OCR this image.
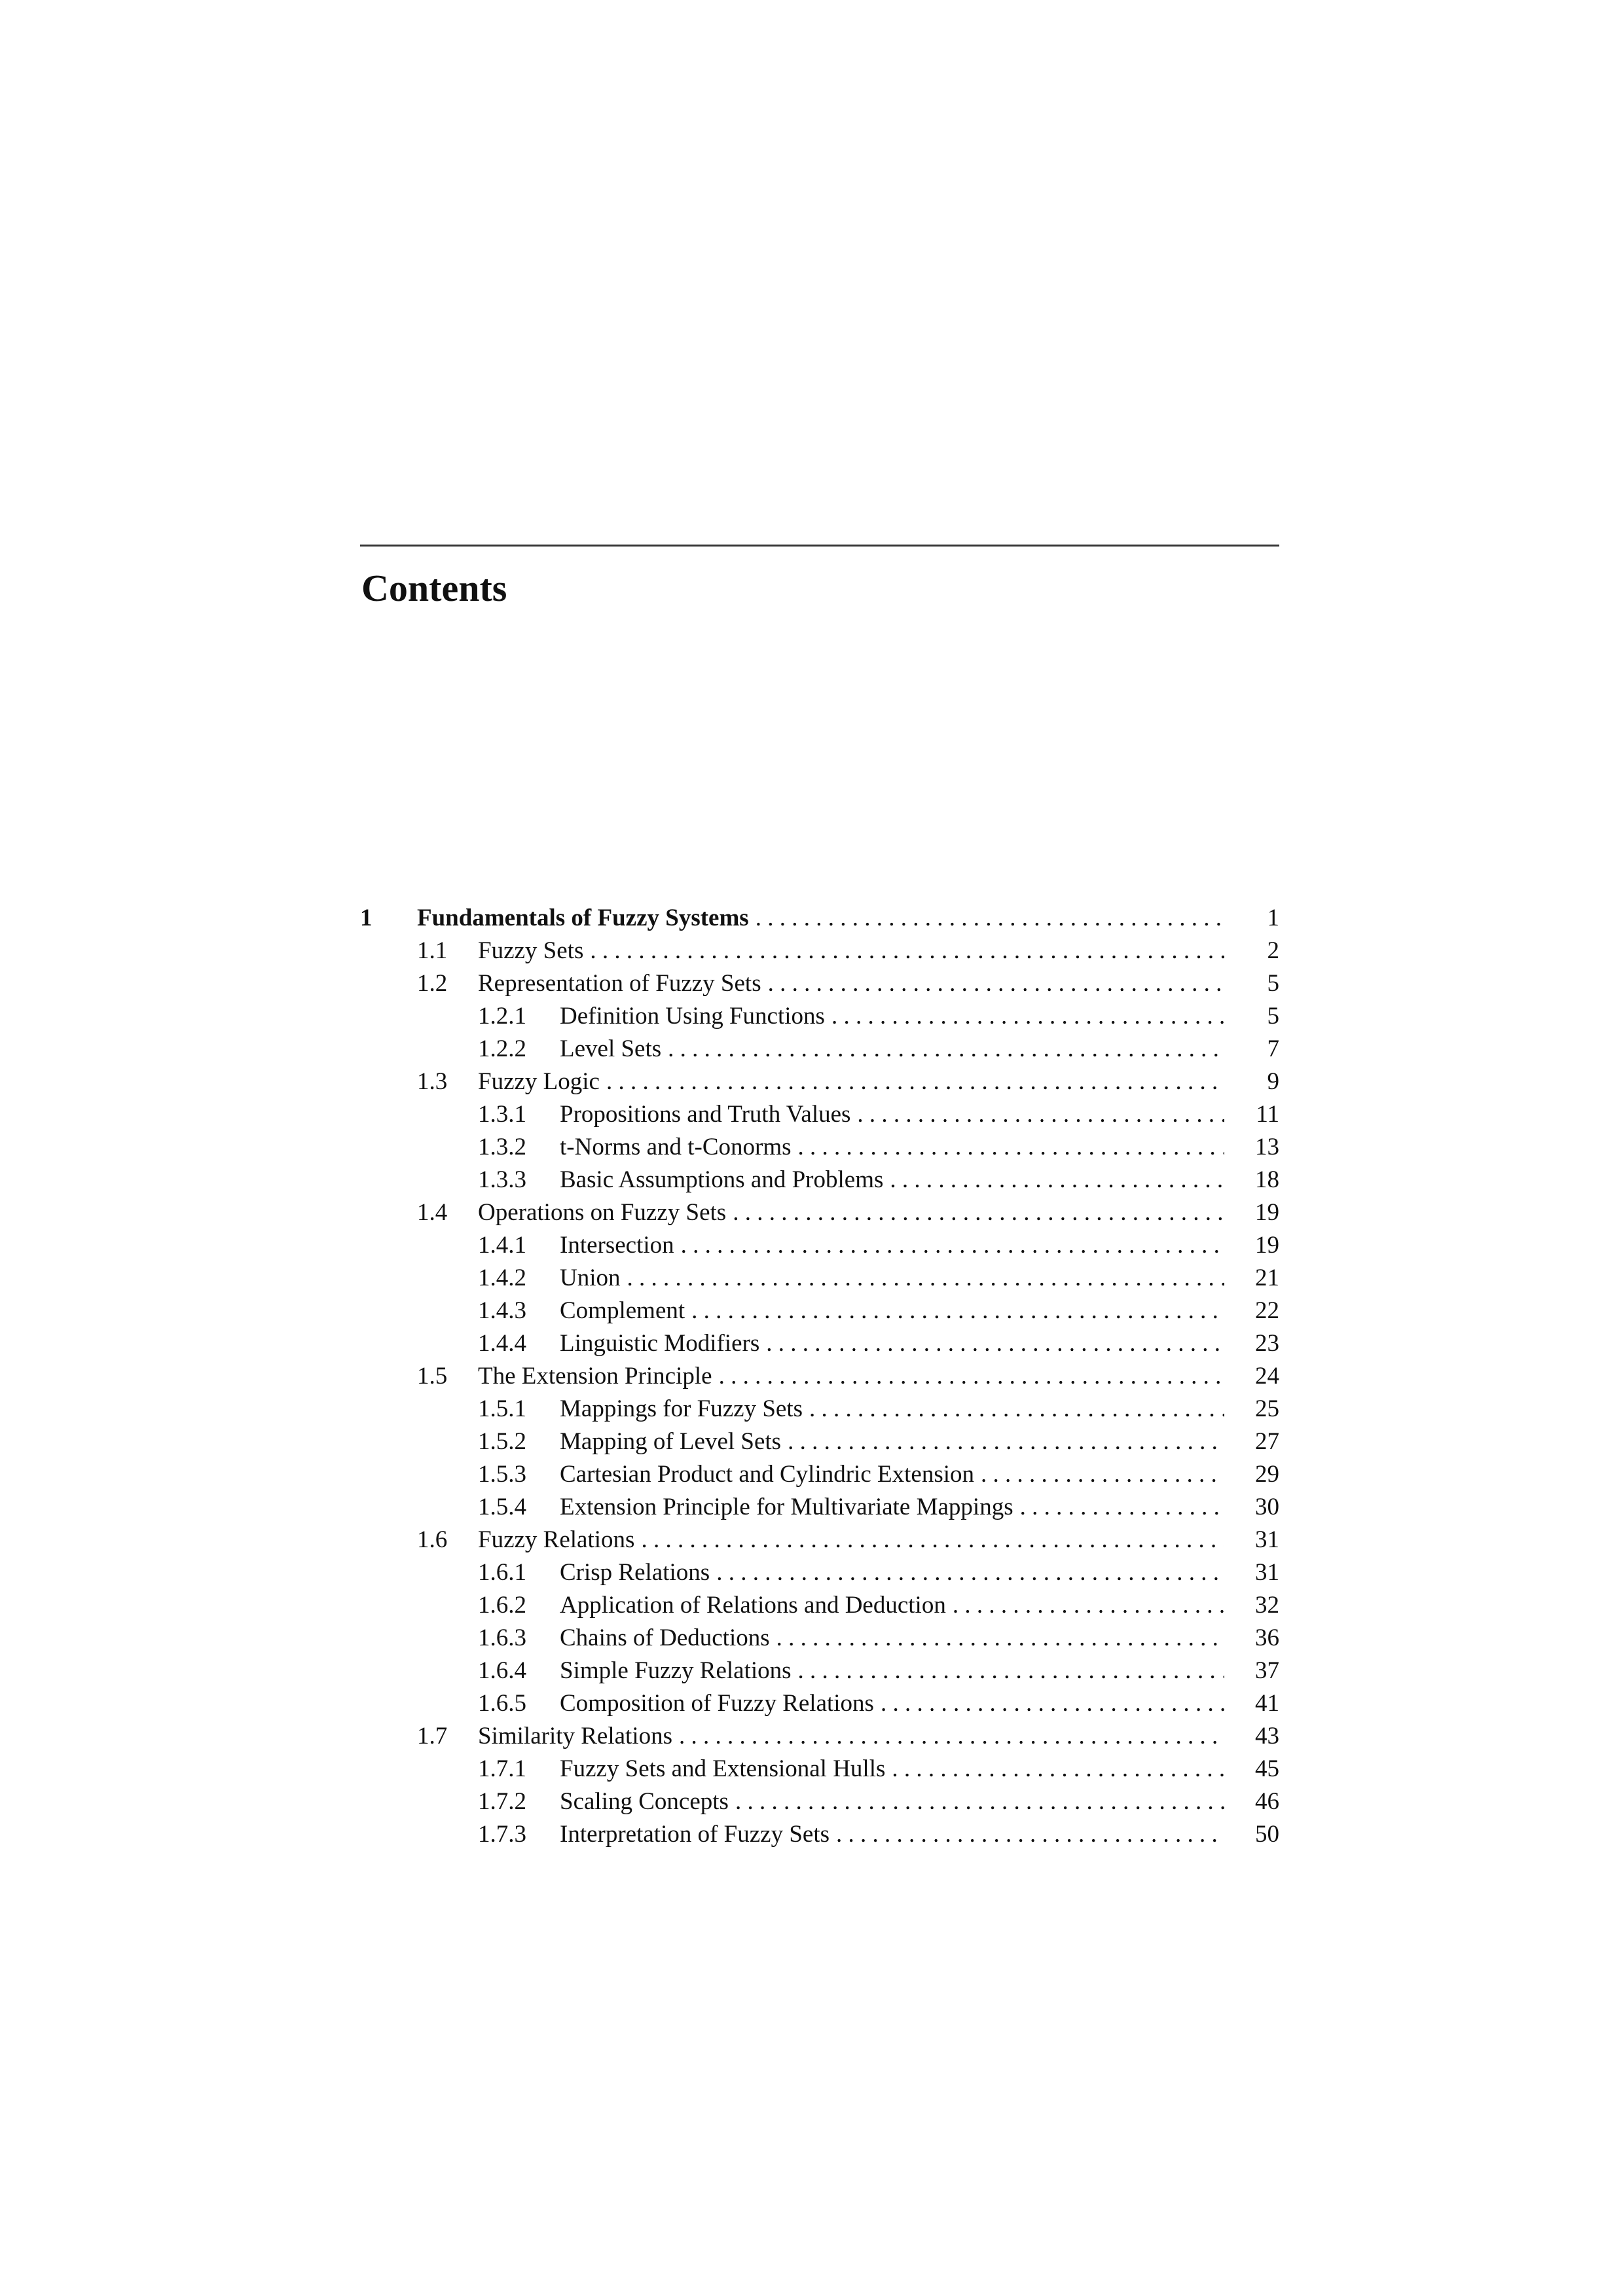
Contents
1 Fundamentals of Fuzzy Systems . . .	1
1.1 Fuzzy Sets . . .	2
1.2 Representation of Fuzzy Sets . . .	5
1.2.1 Definition Using Functions . . .	5
1.2.2 Level Sets . . .	7
1.3 Fuzzy Logic . . .	9
1.3.1 Propositions and Truth Values . . .	11
1.3.2 t-Norms and t-Conorms . . .	13
1.3.3 Basic Assumptions and Problems . . .	18
1.4 Operations on Fuzzy Sets . . .	19
1.4.1 Intersection . . .	19
1.4.2 Union . . .	21
1.4.3 Complement . . .	22
1.4.4 Linguistic Modifiers . . .	23
1.5 The Extension Principle . . .	24
1.5.1 Mappings for Fuzzy Sets . . .	25
1.5.2 Mapping of Level Sets . . .	27
1.5.3 Cartesian Product and Cylindric Extension . . .	29
1.5.4 Extension Principle for Multivariate Mappings . . .	30
1.6 Fuzzy Relations . . .	31
1.6.1 Crisp Relations . . .	31
1.6.2 Application of Relations and Deduction . . .	32
1.6.3 Chains of Deductions . . .	36
1.6.4 Simple Fuzzy Relations . . .	37
1.6.5 Composition of Fuzzy Relations . . .	41
1.7 Similarity Relations . . .	43
1.7.1 Fuzzy Sets and Extensional Hulls . . .	45
1.7.2 Scaling Concepts . . .	46
1.7.3 Interpretation of Fuzzy Sets . . .	50
